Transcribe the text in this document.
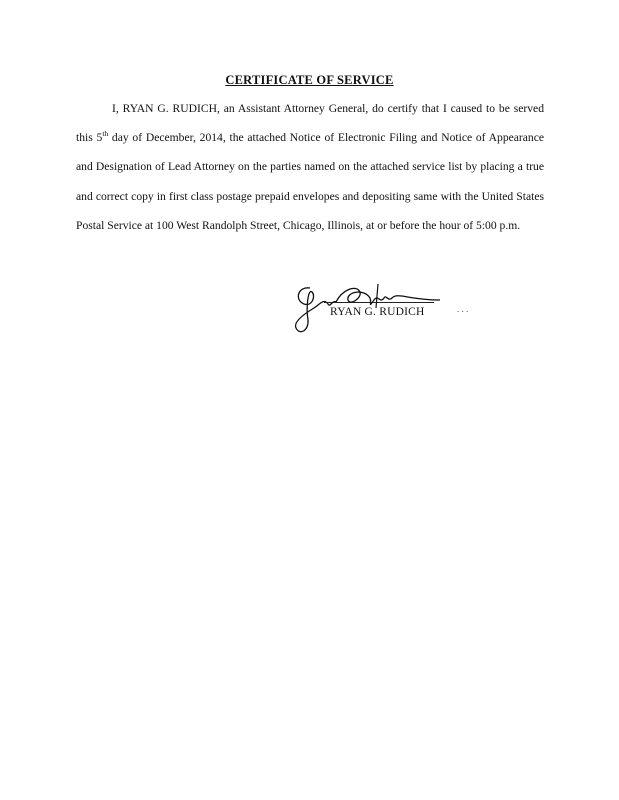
CERTIFICATE OF SERVICE

I, RYAN G. RUDICH, an Assistant Attorney General, do certify that I caused to be served this 5th day of December, 2014, the attached Notice of Electronic Filing and Notice of Appearance and Designation of Lead Attorney on the parties named on the attached service list by placing a true and correct copy in first class postage prepaid envelopes and depositing same with the United States Postal Service at 100 West Randolph Street, Chicago, Illinois, at or before the hour of 5:00 p.m.

RYAN G. RUDICH	. . .
